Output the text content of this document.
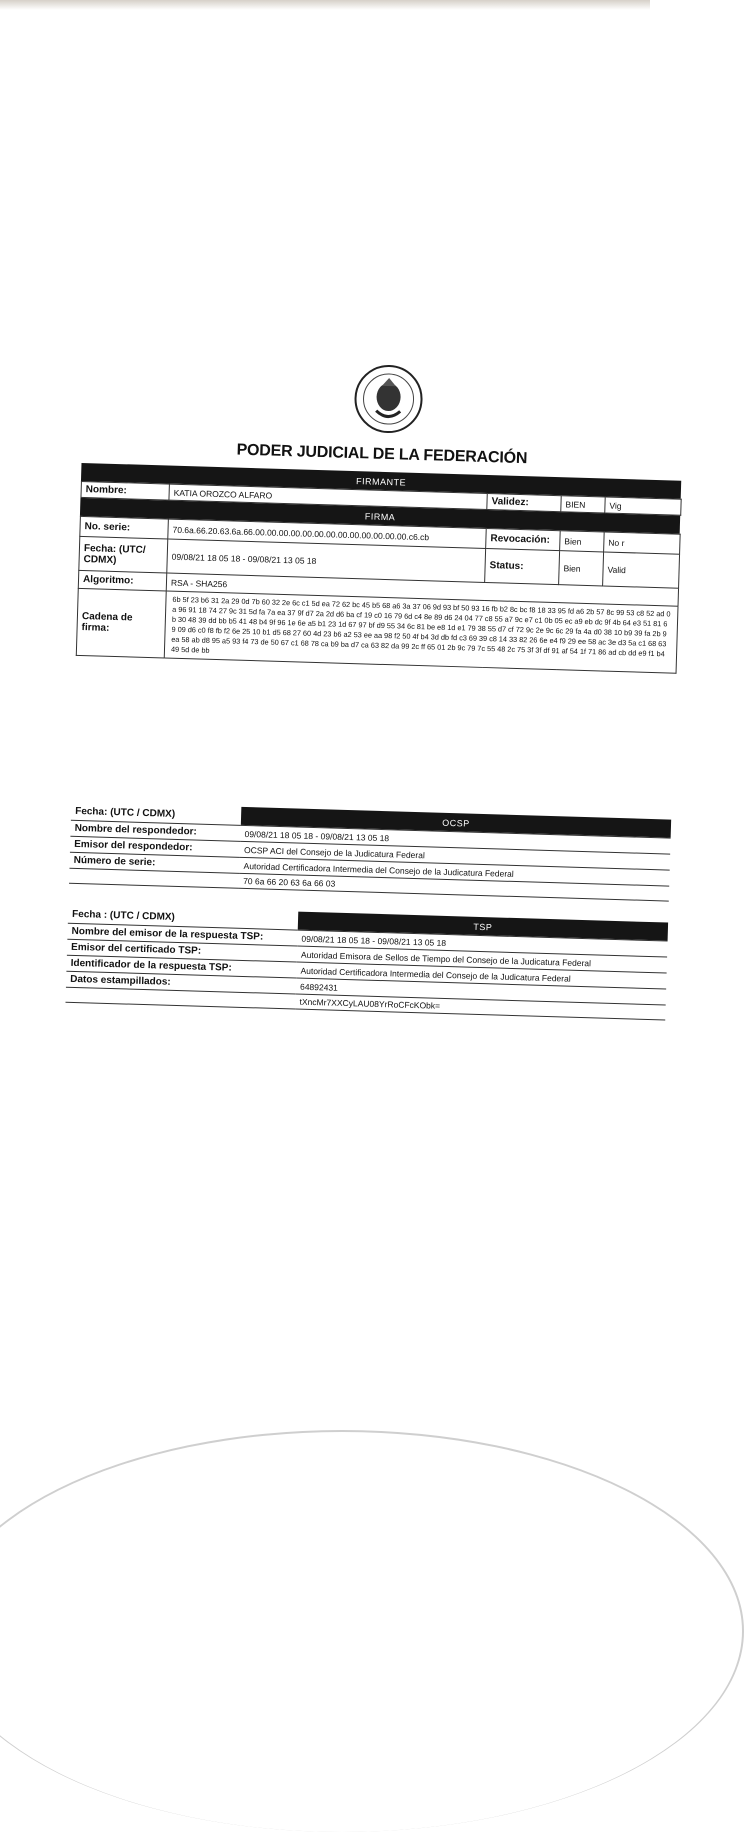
PODER JUDICIAL DE LA FEDERACIÓN
FIRMANTE
Nombre:	KATIA OROZCO ALFARO	Validez:	BIEN	Vig
FIRMA
No. serie:	70.6a.66.20.63.6a.66.00.00.00.00.00.00.00.00.00.00.00.00.00.c6.cb	Revocación:	Bien	No r
Fecha: (UTC/ CDMX)	09/08/21 18 05 18 - 09/08/21 13 05 18	Status:	Bien	Valid
Algoritmo:	RSA - SHA256			
Cadena de firma:	6b 5f 23 b6 31 2a 29 0d 7b 60 32 2e 6c c1 5d ea 72 62 bc 45 b5 68 a6 3a 37 06 9d 93 bf 50 93 16 fb b2 8c bc f8 18 33 95 fd a6 2b 57 8c 99 53 c8 52 ad 0a 96 91 18 74 27 9c 31 5d fa 7a ea 37 9f d7 2a 2d d6 ba cf 19 c0 16 79 6d c4 8e 89 d6 24 04 77 c8 55 a7 9c e7 c1 0b 05 ec a9 eb dc 9f 4b 64 e3 51 81 6b 30 48 39 dd bb b5 41 48 b4 9f 96 1e 6e a5 b1 23 1d 67 97 bf d9 55 34 6c 81 be e8 1d e1 79 38 55 d7 cf 72 9c 2e 9c 6c 29 fa 4a d0 38 10 b9 39 fa 2b 99 09 d6 c0 f8 fb f2 6e 25 10 b1 d5 68 27 60 4d 23 b6 a2 53 ee aa 98 f2 50 4f b4 3d db fd c3 69 39 c8 14 33 82 26 6e e4 f9 29 ee 58 ac 3e d3 5a c1 68 63 ea 58 ab d8 95 a5 93 f4 73 de 50 67 c1 68 78 ca b9 ba d7 ca 63 82 da 99 2c ff 65 01 2b 9c 79 7c 55 48 2c 75 3f 3f df 91 af 54 1f 71 86 ad cb dd e9 f1 b4 49 5d de bb			
Fecha: (UTC / CDMX)	OCSP

Nombre del respondedor:	09/08/21 18 05 18 - 09/08/21 13 05 18
Emisor del respondedor:	OCSP ACI del Consejo de la Judicatura Federal
Número de serie:	Autoridad Certificadora Intermedia del Consejo de la Judicatura Federal
	70 6a 66 20 63 6a 66 03
Fecha : (UTC / CDMX)	TSP

Nombre del emisor de la respuesta TSP:	09/08/21 18 05 18 - 09/08/21 13 05 18
Emisor del certificado TSP:	Autoridad Emisora de Sellos de Tiempo del Consejo de la Judicatura Federal
Identificador de la respuesta TSP:	Autoridad Certificadora Intermedia del Consejo de la Judicatura Federal
Datos estampillados:	64892431
	tXncMr7XXCyLAU08YrRoCFcKObk=
